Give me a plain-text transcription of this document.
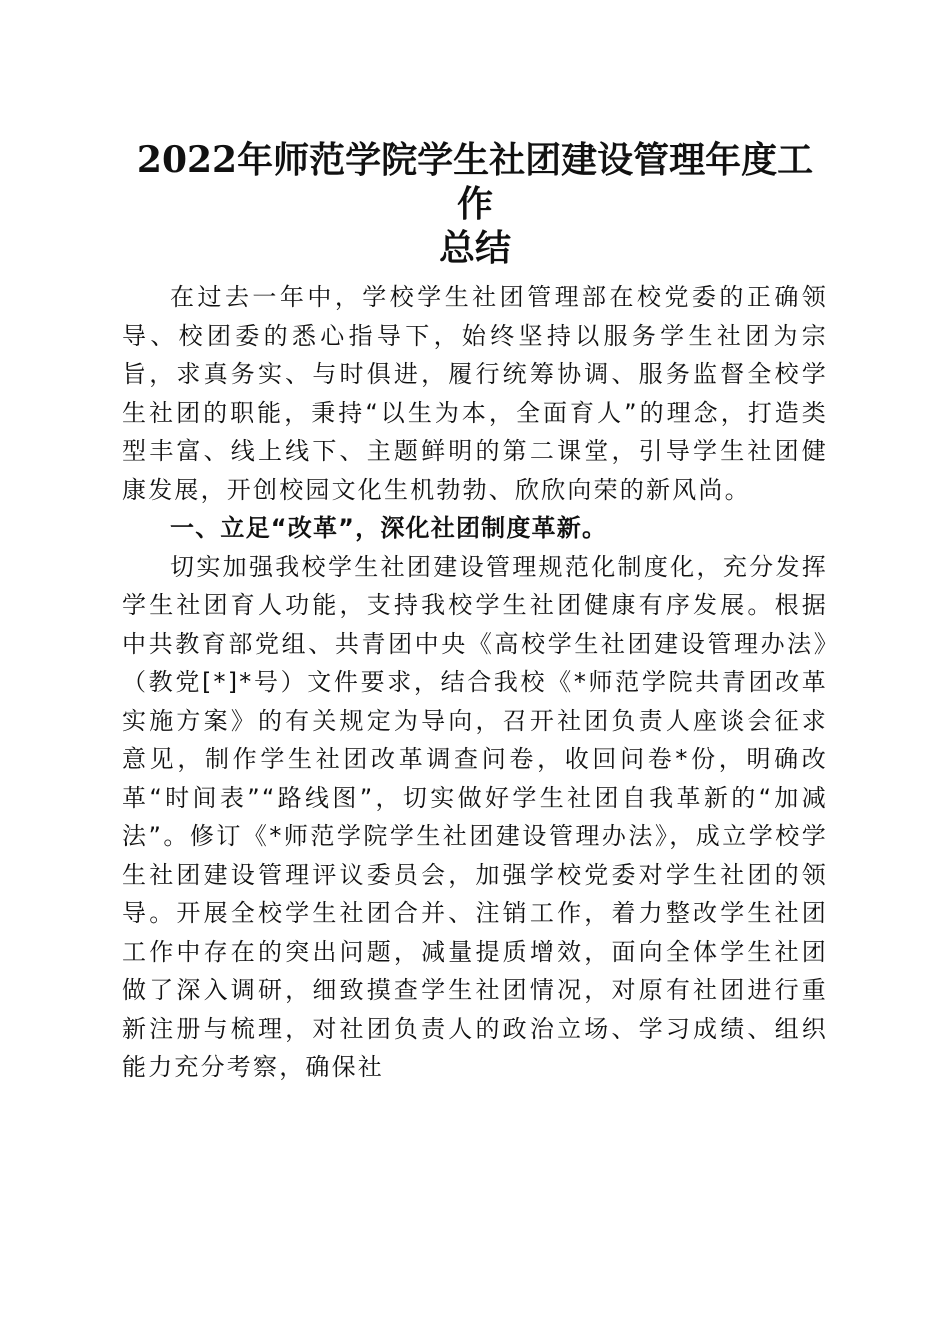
2022年师范学院学生社团建设管理年度工作
总结

在过去一年中，学校学生社团管理部在校党委的正确领导、校团委的悉心指导下，始终坚持以服务学生社团为宗旨，求真务实、与时俱进，履行统筹协调、服务监督全校学生社团的职能，秉持“以生为本，全面育人”的理念，打造类型丰富、线上线下、主题鲜明的第二课堂，引导学生社团健康发展，开创校园文化生机勃勃、欣欣向荣的新风尚。

一、立足“改革”，深化社团制度革新。

切实加强我校学生社团建设管理规范化制度化，充分发挥学生社团育人功能，支持我校学生社团健康有序发展。根据中共教育部党组、共青团中央《高校学生社团建设管理办法》（教党[*]*号）文件要求，结合我校《*师范学院共青团改革实施方案》的有关规定为导向，召开社团负责人座谈会征求意见，制作学生社团改革调查问卷，收回问卷*份，明确改革“时间表”“路线图”，切实做好学生社团自我革新的“加减法”。修订《*师范学院学生社团建设管理办法》，成立学校学生社团建设管理评议委员会，加强学校党委对学生社团的领导。开展全校学生社团合并、注销工作，着力整改学生社团工作中存在的突出问题，减量提质增效，面向全体学生社团做了深入调研，细致摸查学生社团情况，对原有社团进行重新注册与梳理，对社团负责人的政治立场、学习成绩、组织能力充分考察，确保社
